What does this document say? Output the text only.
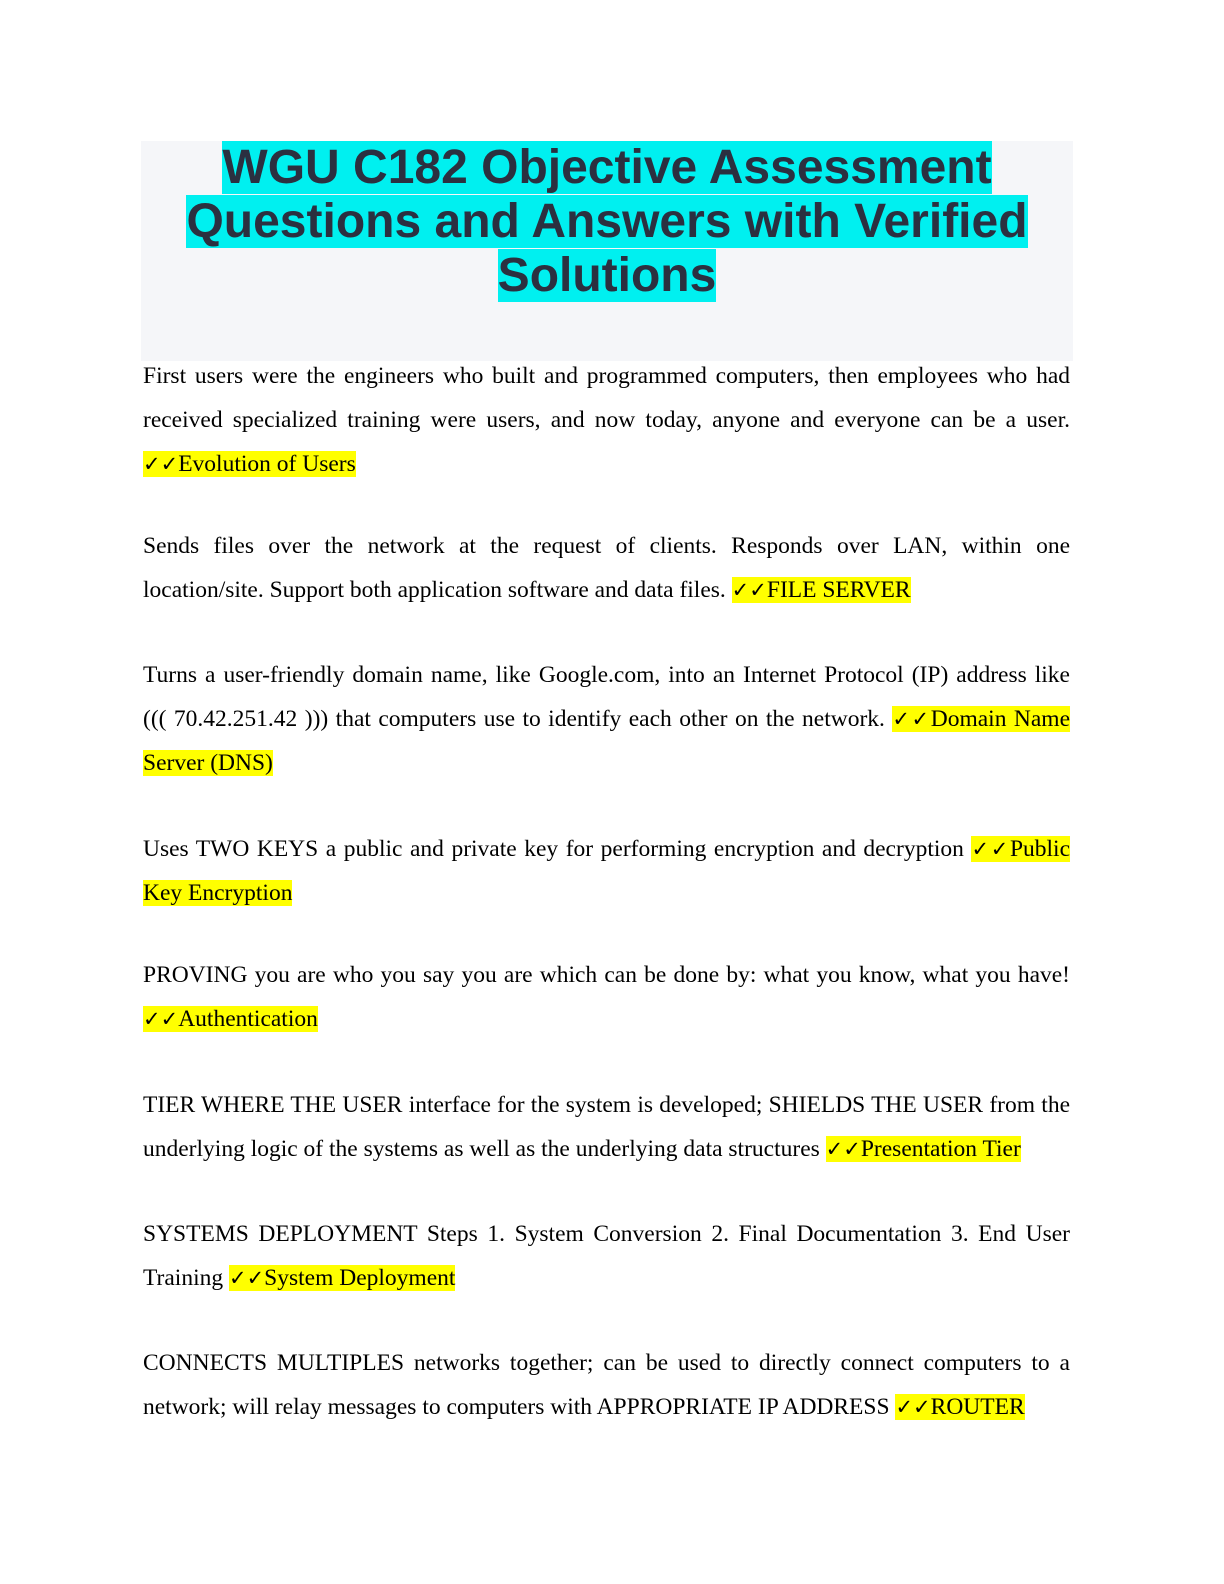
WGU C182 Objective Assessment
Questions and Answers with Verified
Solutions

First users were the engineers who built and programmed computers, then employees who had received specialized training were users, and now today, anyone and everyone can be a user. ✓✓Evolution of Users

Sends files over the network at the request of clients. Responds over LAN, within one location/site. Support both application software and data files. ✓✓FILE SERVER

Turns a user-friendly domain name, like Google.com, into an Internet Protocol (IP) address like ((( 70.42.251.42 ))) that computers use to identify each other on the network. ✓✓Domain Name Server (DNS)

Uses TWO KEYS a public and private key for performing encryption and decryption ✓✓Public Key Encryption

PROVING you are who you say you are which can be done by: what you know, what you have! ✓✓Authentication

TIER WHERE THE USER interface for the system is developed; SHIELDS THE USER from the underlying logic of the systems as well as the underlying data structures ✓✓Presentation Tier

SYSTEMS DEPLOYMENT Steps 1. System Conversion 2. Final Documentation 3. End User Training ✓✓System Deployment

CONNECTS MULTIPLES networks together; can be used to directly connect computers to a network; will relay messages to computers with APPROPRIATE IP ADDRESS ✓✓ROUTER
